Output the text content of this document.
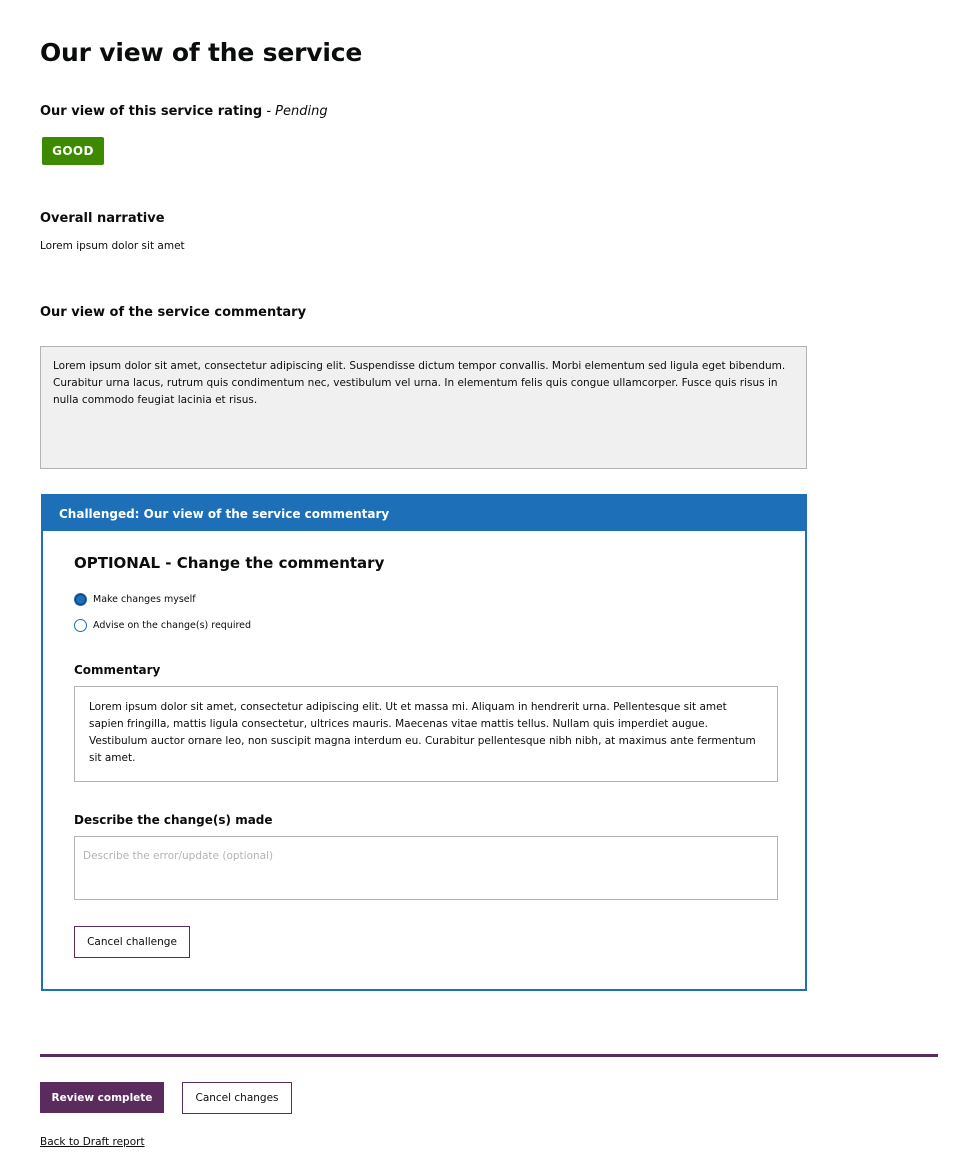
Our view of the service
Our view of this service rating - Pending
GOOD
Overall narrative
Lorem ipsum dolor sit amet
Our view of the service commentary
Lorem ipsum dolor sit amet, consectetur adipiscing elit. Suspendisse dictum tempor convallis. Morbi elementum sed ligula eget bibendum. Curabitur urna lacus, rutrum quis condimentum nec, vestibulum vel urna. In elementum felis quis congue ullamcorper. Fusce quis risus in nulla commodo feugiat lacinia et risus.
Challenged: Our view of the service commentary
OPTIONAL - Change the commentary
Make changes myself
Advise on the change(s) required
Commentary
Lorem ipsum dolor sit amet, consectetur adipiscing elit. Ut et massa mi. Aliquam in hendrerit urna. Pellentesque sit amet sapien fringilla, mattis ligula consectetur, ultrices mauris. Maecenas vitae mattis tellus. Nullam quis imperdiet augue. Vestibulum auctor ornare leo, non suscipit magna interdum eu. Curabitur pellentesque nibh nibh, at maximus ante fermentum sit amet.
Describe the change(s) made
Describe the error/update (optional)
Cancel challenge
Review complete	Cancel changes
Back to Draft report
